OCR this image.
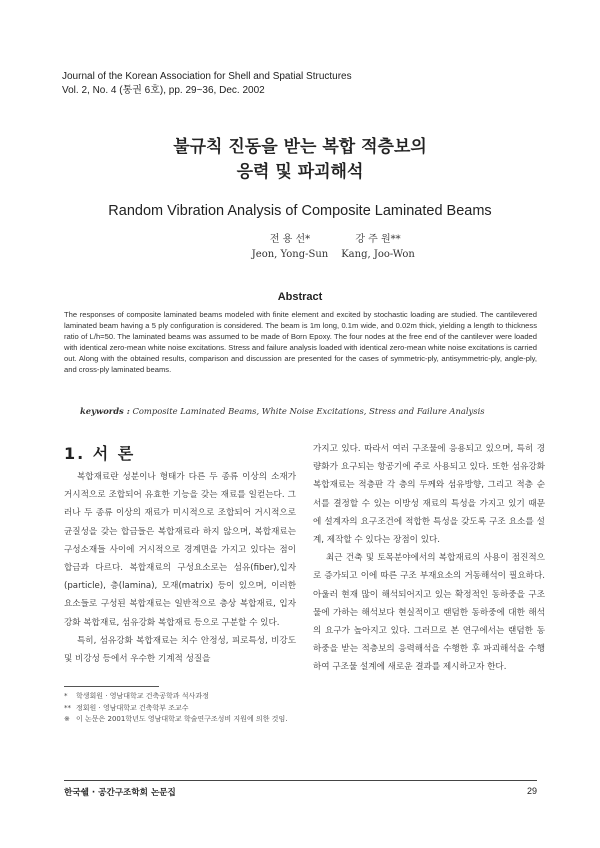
Journal of the Korean Association for Shell and Spatial Structures
Vol. 2, No. 4 (통권 6호), pp. 29~36, Dec. 2002
불규칙 진동을 받는 복합 적층보의
응력 및 파괴해석
Random Vibration Analysis of Composite Laminated Beams
전 용 선*
Jeon, Yong-Sun
강 주 원**
Kang, Joo-Won
Abstract
The responses of composite laminated beams modeled with finite element and excited by stochastic loading are studied. The cantilevered laminated beam having a 5 ply configuration is considered. The beam is 1m long, 0.1m wide, and 0.02m thick, yielding a length to thickness ratio of L/h=50. The laminated beams was assumed to be made of Born Epoxy. The four nodes at the free end of the cantilever were loaded with identical zero-mean white noise excitations. Stress and failure analysis loaded with identical zero-mean white noise excitations is carried out. Along with the obtained results, comparison and discussion are presented for the cases of symmetric-ply, antisymmetric-ply, angle-ply, and cross-ply laminated beams.
keywords : Composite Laminated Beams, White Noise Excitations, Stress and Failure Analysis
1. 서 론

복합재료란 성분이나 형태가 다른 두 종류 이상의 소재가 거시적으로 조합되어 유효한 기능을 갖는 재료를 일컫는다. 그러나 두 종류 이상의 재료가 미시적으로 조합되어 거시적으로 균질성을 갖는 합금들은 복합재료라 하지 않으며, 복합재료는 구성소재들 사이에 거시적으로 경계면을 가지고 있다는 점이 합금과 다르다. 복합재료의 구성요소로는 섬유(fiber),입자(particle), 층(lamina), 모재(matrix) 등이 있으며, 이러한 요소들로 구성된 복합재료는 일반적으로 층상 복합재료, 입자강화 복합재료, 섬유강화 복합재료 등으로 구분할 수 있다.

특히, 섬유강화 복합재료는 치수 안정성, 피로특성, 비강도 및 비강성 등에서 우수한 기계적 성질을

가지고 있다. 따라서 여러 구조물에 응용되고 있으며, 특히 경량화가 요구되는 항공기에 주로 사용되고 있다. 또한 섬유강화 복합재료는 적층판 각 층의 두께와 섬유방향, 그리고 적층 순서를 결정할 수 있는 이방성 재료의 특성을 가지고 있기 때문에 설계자의 요구조건에 적합한 특성을 갖도록 구조 요소를 설계, 제작할 수 있다는 장점이 있다.

최근 건축 및 토목분야에서의 복합재료의 사용이 점진적으로 증가되고 이에 따른 구조 부재요소의 거동해석이 필요하다. 아울러 현재 많이 해석되어지고 있는 확정적인 동하중을 구조물에 가하는 해석보다 현실적이고 랜덤한 동하중에 대한 해석의 요구가 높아지고 있다. 그러므로 본 연구에서는 랜덤한 동하중을 받는 적층보의 응력해석을 수행한 후 파괴해석을 수행하여 구조물 설계에 새로운 결과를 제시하고자 한다.

*	학생회원 · 영남대학교 건축공학과 석사과정
** 정회원 · 영남대학교 건축학부 조교수
※ 이 논문은 2001학년도 영남대학교 학술연구조성비 지원에 의한 것임.
한국쉘 · 공간구조학회 논문집	29
